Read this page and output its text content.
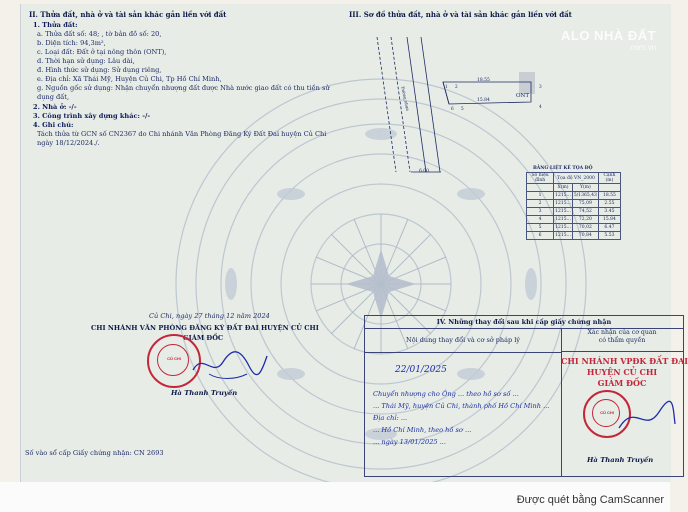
II. Thửa đất, nhà ở và tài sản khác gắn liền với đất
1. Thửa đất:
a. Thửa đất số: 48; , tờ bản đồ số: 20,
b. Diện tích: 94,3m²,
c. Loại đất: Đất ở tại nông thôn (ONT),
d. Thời hạn sử dụng: Lâu dài,
đ. Hình thức sử dụng: Sử dụng riêng,
e. Địa chỉ: Xã Thái Mỹ, Huyện Củ Chi, Tp Hồ Chí Minh,
g. Nguồn gốc sử dụng: Nhận chuyển nhượng đất được Nhà nước giao đất có thu tiền sử
dụng đất,
2. Nhà ở: -/-
3. Công trình xây dựng khác: -/-
4. Ghi chú:
Tách thửa từ GCN số CN2367 do Chi nhánh Văn Phòng Đăng Ký Đất Đai huyện Củ Chi
ngày 18/12/2024./.
Củ Chi, ngày 27 tháng 12 năm 2024
CHI NHÁNH VĂN PHÒNG ĐĂNG KÝ ĐẤT ĐAI HUYỆN CỦ CHI
GIÁM ĐỐC
CỦ CHI
Hà Thanh Truyền
Số vào sổ cấp Giấy chứng nhận: CN 2693
III. Sơ đồ thửa đất, nhà ở và tài sản khác gắn liền với đất
ONT
18.55
15.84
6.00
Đường nhựa	1 2	3
4
5
6
BẢNG LIỆT KÊ TỌA ĐỘ
Số hiệu đỉnh	Tọa độ VN_2000		Cạnh (m)
	X(m)	Y(m)	
1	1215...	5/1365,43	18.55
2	1215...	75,09	2.55
3	1215...	74,52	3.45
4	1215...	72,20	15.84
5	1215...	70,02	6.47
6	1215...	70,84	5.53
IV. Những thay đổi sau khi cấp giấy chứng nhận
Nội dung thay đổi và cơ sở pháp lý
Xác nhận của cơ quan
có thẩm quyền
22/01/2025
Chuyển nhượng cho Ông ... theo hồ sơ số ...
... Thái Mỹ, huyện Củ Chi, thành phố Hồ Chí Minh ...
Địa chỉ: ...
... Hồ Chí Minh, theo hồ sơ ...
... ngày 13/01/2025 ...
CHI NHÁNH VPĐK ĐẤT ĐAI
HUYỆN CỦ CHI
GIÁM ĐỐC
CỦ CHI
Hà Thanh Truyền
ALO NHÀ ĐẤT
.com.vn
Được quét bằng CamScanner
